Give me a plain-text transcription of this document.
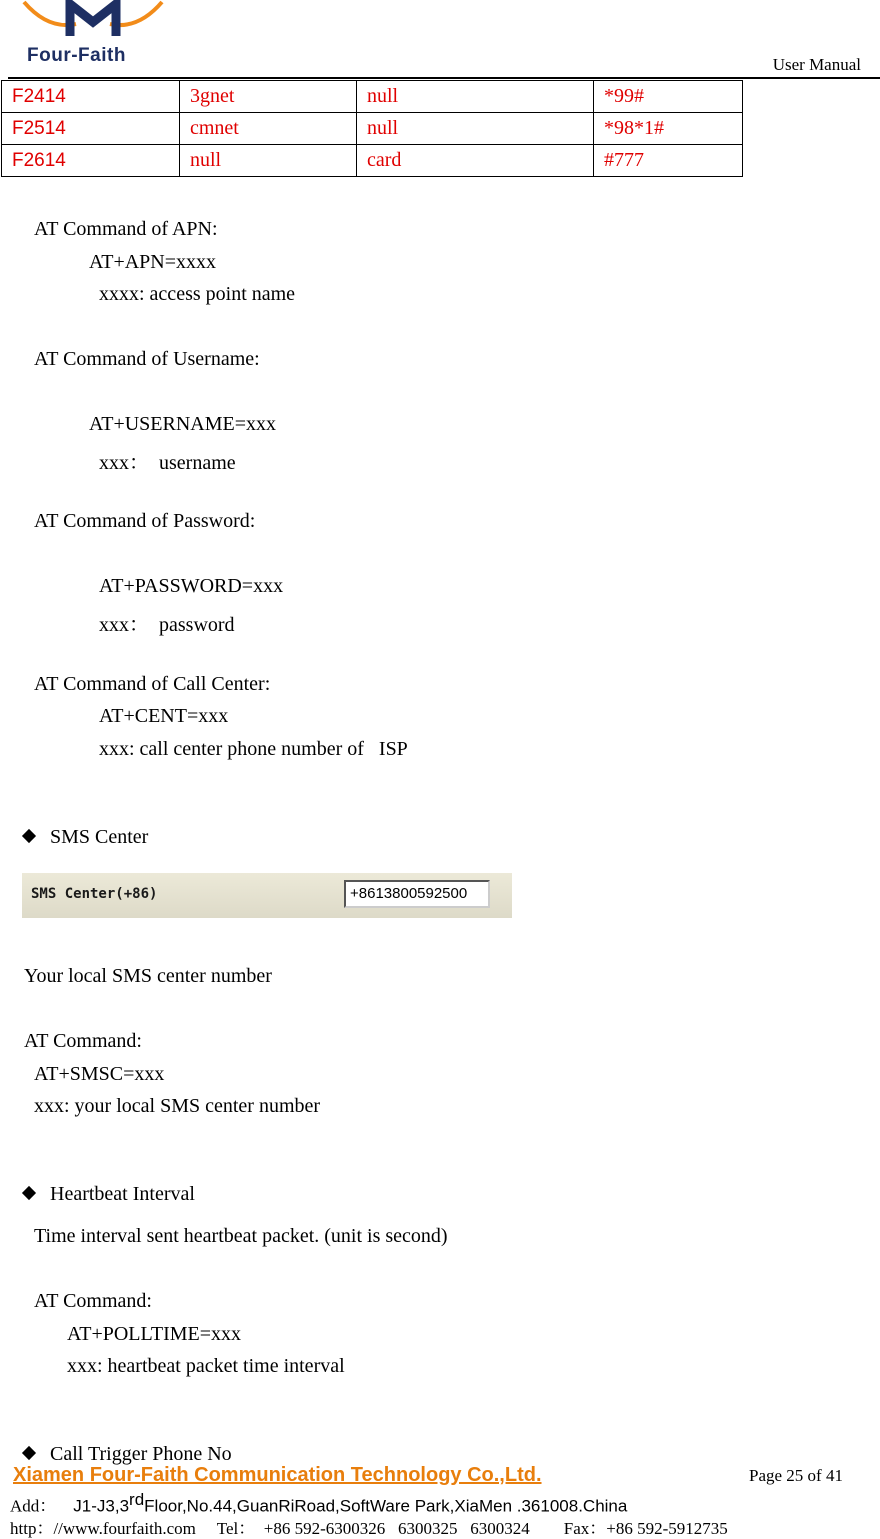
Four-Faith	User Manual
F2414	3gnet	null	*99#
F2514	cmnet	null	*98*1#
F2614	null	card	#777
AT Command of APN:
AT+APN=xxxx
xxxx: access point name
AT Command of Username:
AT+USERNAME=xxx
xxx：  username
AT Command of Password:
AT+PASSWORD=xxx
xxx：  password
AT Command of Call Center:
AT+CENT=xxx
xxx: call center phone number of   ISP

SMS Center

SMS Center(+86)	+8613800592500
Your local SMS center number
AT Command:
AT+SMSC=xxx
xxx: your local SMS center number

Heartbeat Interval

Time interval sent heartbeat packet. (unit is second)
AT Command:
AT+POLLTIME=xxx
xxx: heartbeat packet time interval

Call Trigger Phone No

Xiamen Four-Faith Communication Technology Co.,Ltd.	Page 25 of 41
Add： J1-J3,3rdFloor,No.44,GuanRiRoad,SoftWare Park,XiaMen .361008.China
http：//www.fourfaith.com     Tel：  +86 592-6300326   6300325   6300324        Fax：+86 592-5912735
